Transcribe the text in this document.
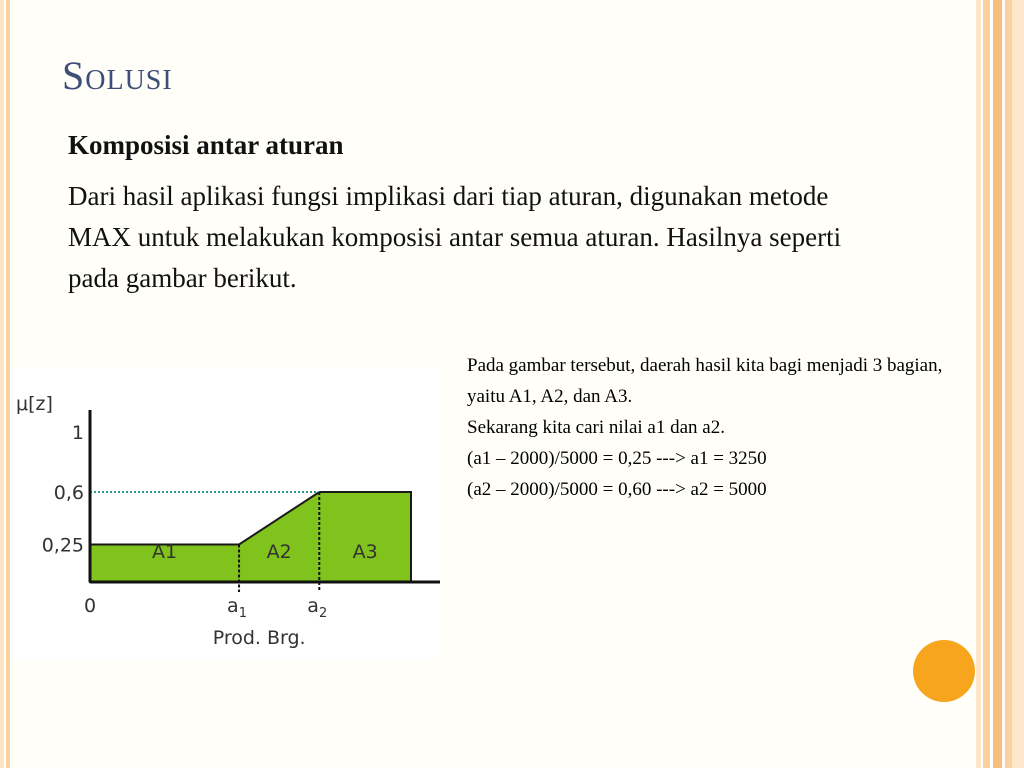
Solusi
Komposisi antar aturan

Dari hasil aplikasi fungsi implikasi dari tiap aturan, digunakan metode MAX untuk melakukan komposisi antar semua aturan. Hasilnya seperti pada gambar berikut.

Pada gambar tersebut, daerah hasil kita bagi menjadi 3 bagian, yaitu A1, A2, dan A3.
Sekarang kita cari nilai a1 dan a2.
(a1 – 2000)/5000 = 0,25 ---> a1 = 3250
(a2 – 2000)/5000 = 0,60 ---> a2 = 5000
μ[z]
1
0,6
0,25
0	$a_1$	$a_2$
A1	A2	A3
Prod. Brg.
